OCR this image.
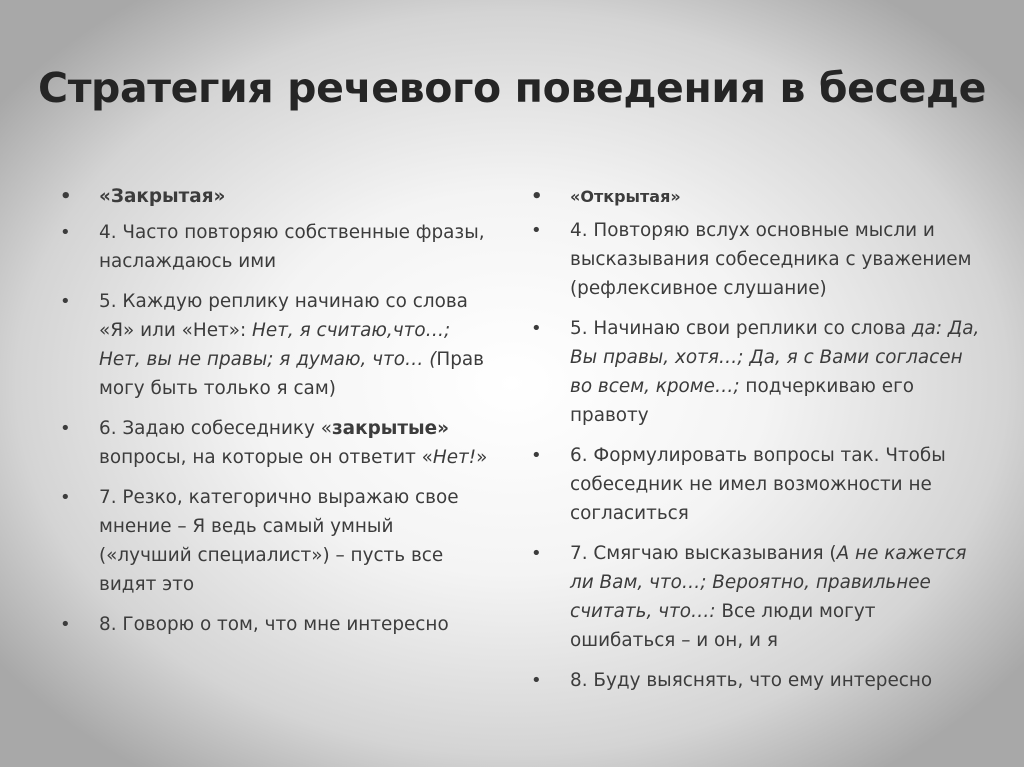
Стратегия речевого поведения в беседе
• «Закрытая»
• 4. Часто повторяю собственные фразы, наслаждаюсь ими
• 5. Каждую реплику начинаю со слова «Я» или «Нет»: Нет, я считаю,что…; Нет, вы не правы; я думаю, что… (Прав могу быть только я сам)
• 6. Задаю собеседнику «закрытые» вопросы, на которые он ответит «Нет!»
• 7. Резко, категорично выражаю свое мнение – Я ведь самый умный («лучший специалист») – пусть все видят это
• 8. Говорю о том, что мне интересно
• «Открытая»
• 4. Повторяю вслух основные мысли и высказывания собеседника с уважением (рефлексивное слушание)
• 5. Начинаю свои реплики со слова да: Да, Вы правы, хотя…; Да, я с Вами согласен во всем, кроме…; подчеркиваю его правоту
• 6. Формулировать вопросы так. Чтобы собеседник не имел возможности не согласиться
• 7. Смягчаю высказывания (А не кажется ли Вам, что…; Вероятно, правильнее считать, что…: Все люди могут ошибаться – и он, и я
• 8. Буду выяснять, что ему интересно
